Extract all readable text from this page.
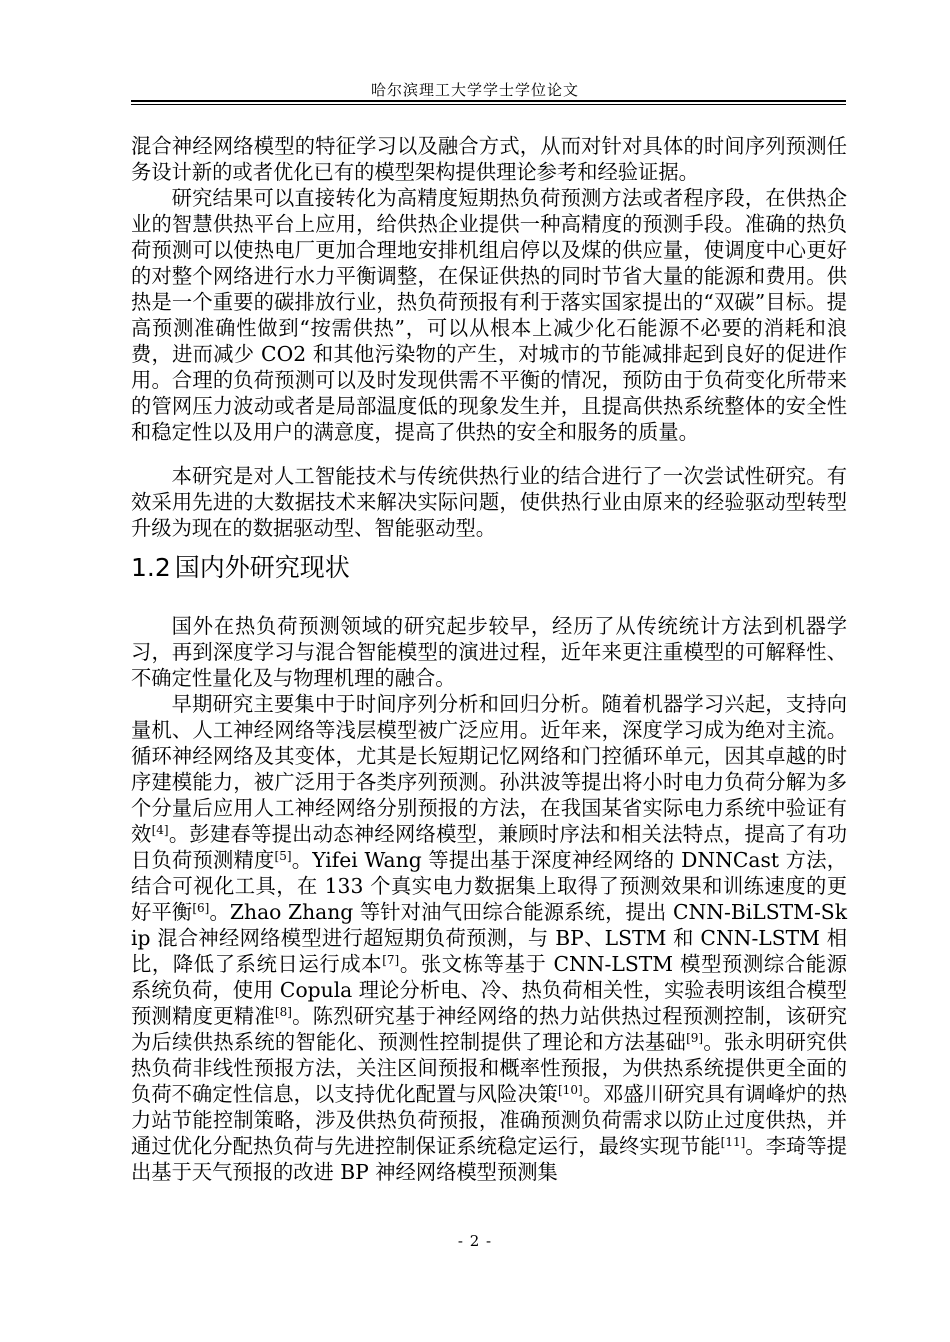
哈尔滨理工大学学士学位论文

混合神经网络模型的特征学习以及融合方式，从而对针对具体的时间序列预测任务设计新的或者优化已有的模型架构提供理论参考和经验证据。

研究结果可以直接转化为高精度短期热负荷预测方法或者程序段，在供热企业的智慧供热平台上应用，给供热企业提供一种高精度的预测手段。准确的热负荷预测可以使热电厂更加合理地安排机组启停以及煤的供应量，使调度中心更好的对整个网络进行水力平衡调整，在保证供热的同时节省大量的能源和费用。供热是一个重要的碳排放行业，热负荷预报有利于落实国家提出的“双碳”目标。提高预测准确性做到“按需供热”，可以从根本上减少化石能源不必要的消耗和浪费，进而减少 CO2 和其他污染物的产生，对城市的节能减排起到良好的促进作用。合理的负荷预测可以及时发现供需不平衡的情况，预防由于负荷变化所带来的管网压力波动或者是局部温度低的现象发生并，且提高供热系统整体的安全性和稳定性以及用户的满意度，提高了供热的安全和服务的质量。

本研究是对人工智能技术与传统供热行业的结合进行了一次尝试性研究。有效采用先进的大数据技术来解决实际问题，使供热行业由原来的经验驱动型转型升级为现在的数据驱动型、智能驱动型。

1.2 国内外研究现状

国外在热负荷预测领域的研究起步较早，经历了从传统统计方法到机器学习，再到深度学习与混合智能模型的演进过程，近年来更注重模型的可解释性、不确定性量化及与物理机理的融合。

早期研究主要集中于时间序列分析和回归分析。随着机器学习兴起，支持向量机、人工神经网络等浅层模型被广泛应用。近年来，深度学习成为绝对主流。循环神经网络及其变体，尤其是长短期记忆网络和门控循环单元，因其卓越的时序建模能力，被广泛用于各类序列预测。孙洪波等提出将小时电力负荷分解为多个分量后应用人工神经网络分别预报的方法，在我国某省实际电力系统中验证有效[4]。彭建春等提出动态神经网络模型，兼顾时序法和相关法特点，提高了有功日负荷预测精度[5]。Yifei Wang 等提出基于深度神经网络的 DNNCast 方法，结合可视化工具，在 133 个真实电力数据集上取得了预测效果和训练速度的更好平衡[6]。Zhao Zhang 等针对油气田综合能源系统，提出 CNN-BiLSTM-Skip 混合神经网络模型进行超短期负荷预测，与 BP、LSTM 和 CNN-LSTM 相比，降低了系统日运行成本[7]。张文栋等基于 CNN-LSTM 模型预测综合能源系统负荷，使用 Copula 理论分析电、冷、热负荷相关性，实验表明该组合模型预测精度更精准[8]。陈烈研究基于神经网络的热力站供热过程预测控制，该研究为后续供热系统的智能化、预测性控制提供了理论和方法基础[9]。张永明研究供热负荷非线性预报方法，关注区间预报和概率性预报，为供热系统提供更全面的负荷不确定性信息，以支持优化配置与风险决策[10]。邓盛川研究具有调峰炉的热力站节能控制策略，涉及供热负荷预报，准确预测负荷需求以防止过度供热，并通过优化分配热负荷与先进控制保证系统稳定运行，最终实现节能[11]。李琦等提出基于天气预报的改进 BP 神经网络模型预测集

- 2 -
